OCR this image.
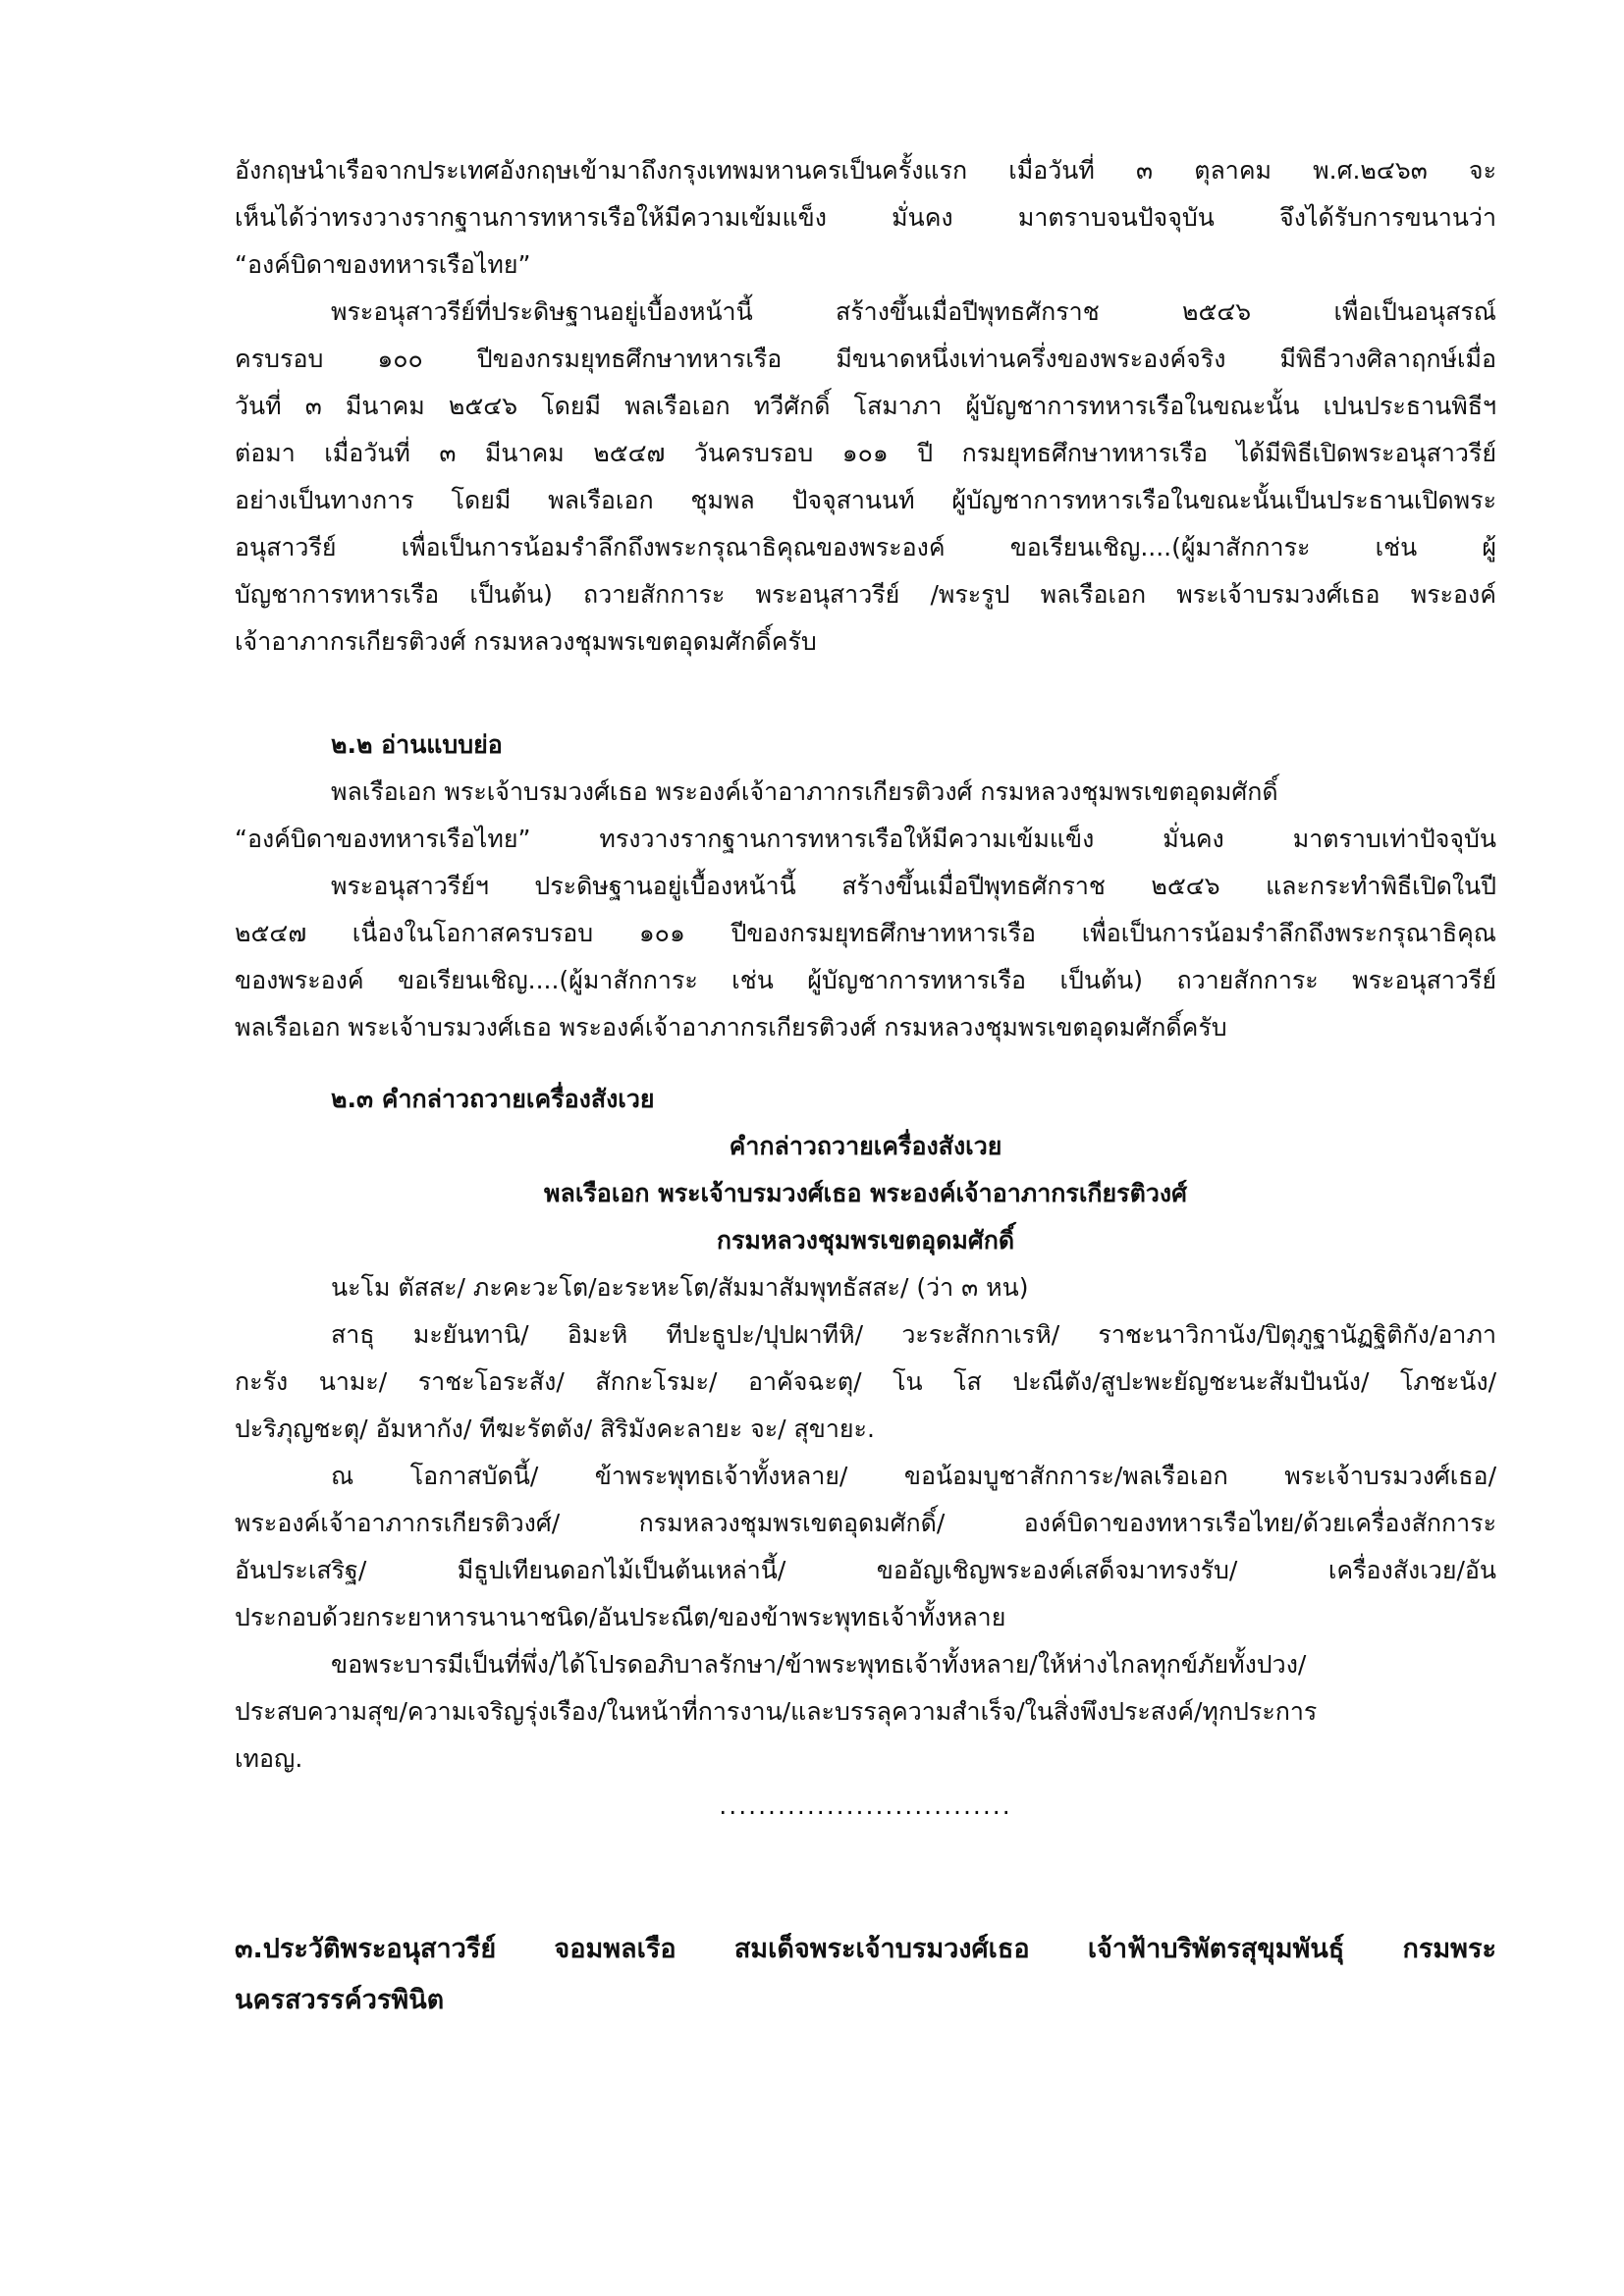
อังกฤษนำเรือจากประเทศอังกฤษเข้ามาถึงกรุงเทพมหานครเป็นครั้งแรก เมื่อวันที่ ๓ ตุลาคม พ.ศ.๒๔๖๓ จะ
เห็นได้ว่าทรงวางรากฐานการทหารเรือให้มีความเข้มแข็ง มั่นคง มาตราบจนปัจจุบัน จึงได้รับการขนานว่า
“องค์บิดาของทหารเรือไทย”
พระอนุสาวรีย์ที่ประดิษฐานอยู่เบื้องหน้านี้ สร้างขึ้นเมื่อปีพุทธศักราช ๒๕๔๖ เพื่อเป็นอนุสรณ์
ครบรอบ ๑๐๐ ปีของกรมยุทธศึกษาทหารเรือ มีขนาดหนึ่งเท่านครึ่งของพระองค์จริง มีพิธีวางศิลาฤกษ์เมื่อ
วันที่ ๓ มีนาคม ๒๕๔๖ โดยมี พลเรือเอก ทวีศักดิ์ โสมาภา ผู้บัญชาการทหารเรือในขณะนั้น เปนประธานพิธีฯ
ต่อมา เมื่อวันที่ ๓ มีนาคม ๒๕๔๗ วันครบรอบ ๑๐๑ ปี กรมยุทธศึกษาทหารเรือ ได้มีพิธีเปิดพระอนุสาวรีย์
อย่างเป็นทางการ โดยมี พลเรือเอก ชุมพล ปัจจุสานนท์ ผู้บัญชาการทหารเรือในขณะนั้นเป็นประธานเปิดพระ
อนุสาวรีย์ เพื่อเป็นการน้อมรำลึกถึงพระกรุณาธิคุณของพระองค์ ขอเรียนเชิญ....(ผู้มาสักการะ เช่น ผู้
บัญชาการทหารเรือ เป็นต้น) ถวายสักการะ พระอนุสาวรีย์ /พระรูป พลเรือเอก พระเจ้าบรมวงศ์เธอ พระองค์
เจ้าอาภากรเกียรติวงศ์ กรมหลวงชุมพรเขตอุดมศักดิ์ครับ
๒.๒ อ่านแบบย่อ
พลเรือเอก พระเจ้าบรมวงศ์เธอ พระองค์เจ้าอาภากรเกียรติวงศ์ กรมหลวงชุมพรเขตอุดมศักดิ์
“องค์บิดาของทหารเรือไทย” ทรงวางรากฐานการทหารเรือให้มีความเข้มแข็ง มั่นคง มาตราบเท่าปัจจุบัน
พระอนุสาวรีย์ฯ ประดิษฐานอยู่เบื้องหน้านี้ สร้างขึ้นเมื่อปีพุทธศักราช ๒๕๔๖ และกระทำพิธีเปิดในปี
๒๕๔๗ เนื่องในโอกาสครบรอบ ๑๐๑ ปีของกรมยุทธศึกษาทหารเรือ เพื่อเป็นการน้อมรำลึกถึงพระกรุณาธิคุณ
ของพระองค์ ขอเรียนเชิญ....(ผู้มาสักการะ เช่น ผู้บัญชาการทหารเรือ เป็นต้น) ถวายสักการะ พระอนุสาวรีย์
พลเรือเอก พระเจ้าบรมวงศ์เธอ พระองค์เจ้าอาภากรเกียรติวงศ์ กรมหลวงชุมพรเขตอุดมศักดิ์ครับ
๒.๓ คำกล่าวถวายเครื่องสังเวย
คำกล่าวถวายเครื่องสังเวย
พลเรือเอก พระเจ้าบรมวงศ์เธอ พระองค์เจ้าอาภากรเกียรติวงศ์
กรมหลวงชุมพรเขตอุดมศักดิ์
นะโม ตัสสะ/ ภะคะวะโต/อะระหะโต/สัมมาสัมพุทธัสสะ/ (ว่า ๓ หน)
สาธุ มะยันทานิ/ อิมะหิ ทีปะธูปะ/ปุปผาทีหิ/ วะระสักกาเรหิ/ ราชะนาวิกานัง/ปิตุภูฐานัฏฐิติกัง/อาภา
กะรัง นามะ/ ราชะโอระสัง/ สักกะโรมะ/ อาคัจฉะตุ/ โน โส ปะณีตัง/สูปะพะยัญชะนะสัมปันนัง/ โภชะนัง/
ปะริภุญชะตุ/ อัมหากัง/ ทีฆะรัตตัง/ สิริมังคะลายะ จะ/ สุขายะ.
ณ โอกาสบัดนี้/ ข้าพระพุทธเจ้าทั้งหลาย/ ขอน้อมบูชาสักการะ/พลเรือเอก พระเจ้าบรมวงศ์เธอ/
พระองค์เจ้าอาภากรเกียรติวงศ์/ กรมหลวงชุมพรเขตอุดมศักดิ์/ องค์บิดาของทหารเรือไทย/ด้วยเครื่องสักการะ
อันประเสริฐ/ มีธูปเทียนดอกไม้เป็นต้นเหล่านี้/ ขออัญเชิญพระองค์เสด็จมาทรงรับ/ เครื่องสังเวย/อัน
ประกอบด้วยกระยาหารนานาชนิด/อันประณีต/ของข้าพระพุทธเจ้าทั้งหลาย
ขอพระบารมีเป็นที่พึ่ง/ได้โปรดอภิบาลรักษา/ข้าพระพุทธเจ้าทั้งหลาย/ให้ห่างไกลทุกข์ภัยทั้งปวง/
ประสบความสุข/ความเจริญรุ่งเรือง/ในหน้าที่การงาน/และบรรลุความสำเร็จ/ในสิ่งพึงประสงค์/ทุกประการ
เทอญ.
..............................
๓.ประวัติพระอนุสาวรีย์ จอมพลเรือ สมเด็จพระเจ้าบรมวงศ์เธอ เจ้าฟ้าบริพัตรสุขุมพันธุ์ กรมพระ
นครสวรรค์วรพินิต
